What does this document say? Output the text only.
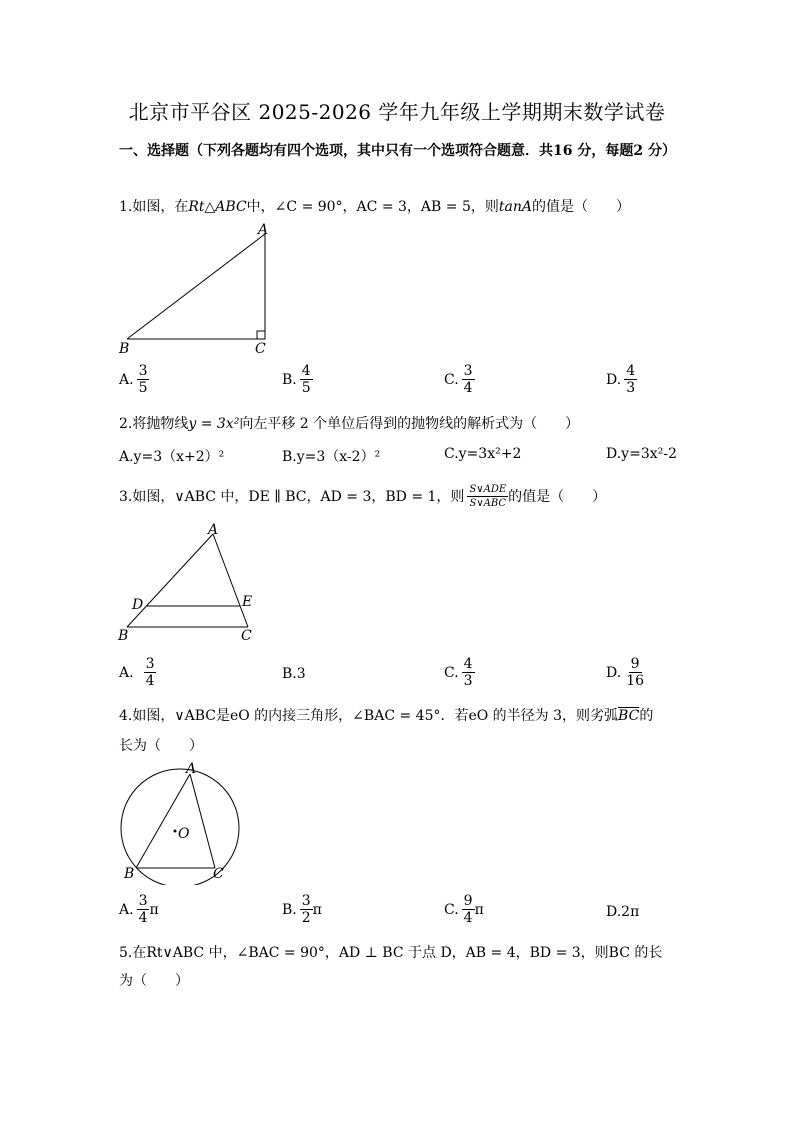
北京市平谷区 2025-2026 学年九年级上学期期末数学试卷
一、选择题（下列各题均有四个选项，其中只有一个选项符合题意．共16 分，每题2 分）
1.如图，在Rt△ABC中，∠C = 90°，AC = 3，AB = 5，则tanA的值是（　　）
A
B	C
A. $\frac{3}{5}$	B. $\frac{4}{5}$	C. $\frac{3}{4}$	D. $\frac{4}{3}$
2.将抛物线y = 3x²向左平移 2 个单位后得到的抛物线的解析式为（　　）
A.y=3（x+2）²	B.y=3（x-2）²	C.y=3x²+2	D.y=3x²-2
3.如图，∨ABC 中，DE ∥ BC，AD = 3，BD = 1，则 $\frac{\text{S∨ADE}}{\text{S∨ABC}}$ 的值是（　　）
A
B	C
D	E
A. $\frac{3}{4}$	B.3	C. $\frac{4}{3}$	D. $\frac{9}{16}$
4.如图，∨ABC是eO 的内接三角形，∠BAC = 45°．若eO 的半径为 3，则劣弧$\overline{BC}$的
长为（　　）
A
B	C
O
A. $\frac{3}{4}$ π	B. $\frac{3}{2}$ π	C. $\frac{9}{4}$ π	D.2π
5.在Rt∨ABC 中，∠BAC = 90°，AD ⊥ BC 于点 D，AB = 4，BD = 3，则BC 的长
为（　　）
